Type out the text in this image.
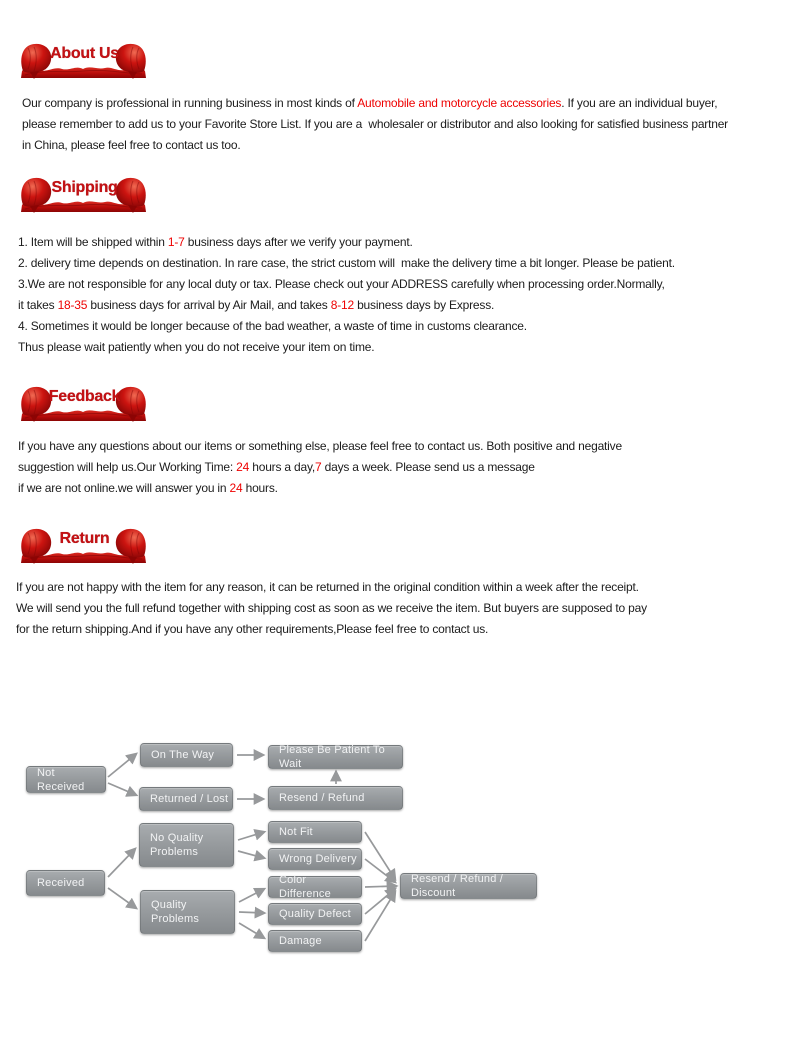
About Us
Our company is professional in running business in most kinds of Automobile and motorcycle accessories. If you are an individual buyer,
please remember to add us to your Favorite Store List. If you are a  wholesaler or distributor and also looking for satisfied business partner
in China, please feel free to contact us too.
Shipping
1. Item will be shipped within 1-7 business days after we verify your payment.
2. delivery time depends on destination. In rare case, the strict custom will  make the delivery time a bit longer. Please be patient.
3.We are not responsible for any local duty or tax. Please check out your ADDRESS carefully when processing order.Normally,
it takes 18-35 business days for arrival by Air Mail, and takes 8-12 business days by Express.
4. Sometimes it would be longer because of the bad weather, a waste of time in customs clearance.
Thus please wait patiently when you do not receive your item on time.
Feedback
If you have any questions about our items or something else, please feel free to contact us. Both positive and negative
suggestion will help us.Our Working Time: 24 hours a day,7 days a week. Please send us a message
if we are not online.we will answer you in 24 hours.
Return
If you are not happy with the item for any reason, it can be returned in the original condition within a week after the receipt.
We will send you the full refund together with shipping cost as soon as we receive the item. But buyers are supposed to pay
for the return shipping.And if you have any other requirements,Please feel free to contact us.
Not Received
On The Way
Returned / Lost
Please Be Patient To Wait
Resend / Refund
Received
No Quality Problems
Quality Problems
Not Fit
Wrong Delivery
Color Difference
Quality Defect
Damage
Resend / Refund / Discount
